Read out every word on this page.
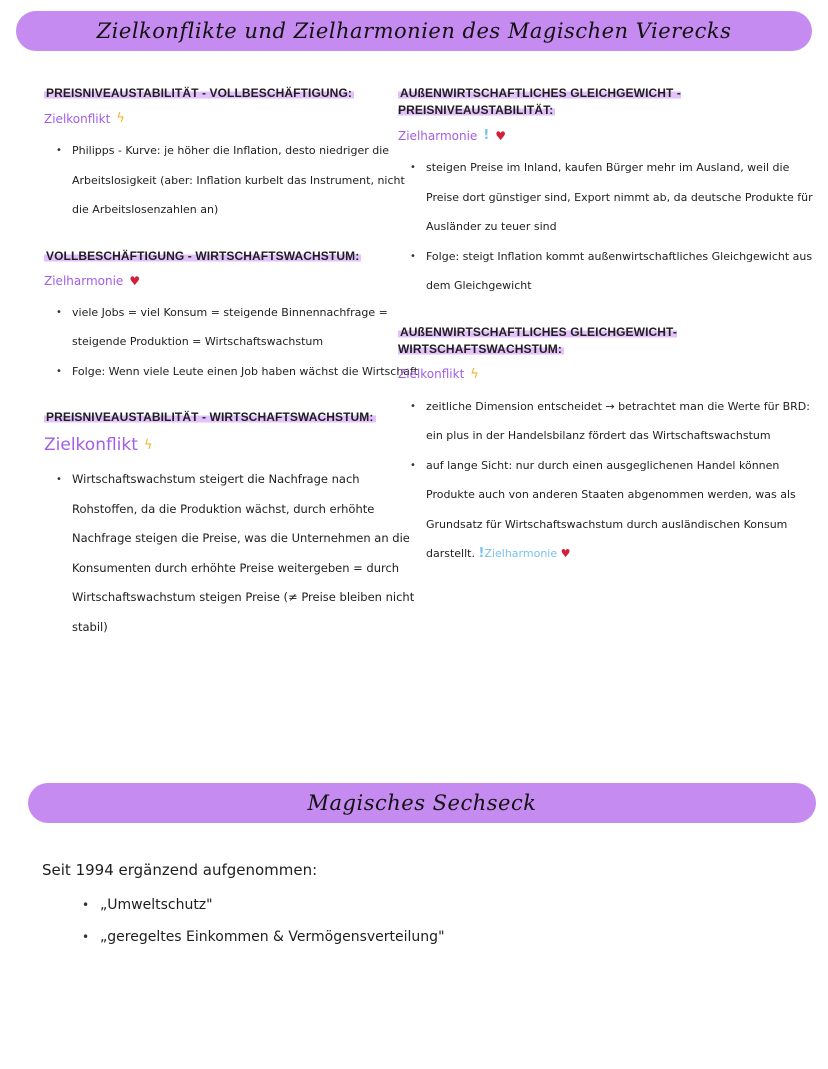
Zielkonflikte und Zielharmonien des Magischen Vierecks
PREISNIVEAUSTABILITÄT - VOLLBESCHÄFTIGUNG:
Zielkonflikt ϟ
• Philipps - Kurve: je höher die Inflation, desto niedriger die Arbeitslosigkeit (aber: Inflation kurbelt das Instrument, nicht die Arbeitslosenzahlen an)
VOLLBESCHÄFTIGUNG - WIRTSCHAFTSWACHSTUM:
Zielharmonie ♥
• viele Jobs = viel Konsum = steigende Binnennachfrage = steigende Produktion = Wirtschaftswachstum
• Folge: Wenn viele Leute einen Job haben wächst die Wirtschaft
PREISNIVEAUSTABILITÄT - WIRTSCHAFTSWACHSTUM:
Zielkonflikt ϟ
• Wirtschaftswachstum steigert die Nachfrage nach Rohstoffen, da die Produktion wächst, durch erhöhte Nachfrage steigen die Preise, was die Unternehmen an die Konsumenten durch erhöhte Preise weitergeben = durch Wirtschaftswachstum steigen Preise (≠ Preise bleiben nicht stabil)
AUßENWIRTSCHAFTLICHES GLEICHGEWICHT - PREISNIVEAUSTABILITÄT:
Zielharmonie ! ♥
• steigen Preise im Inland, kaufen Bürger mehr im Ausland, weil die Preise dort günstiger sind, Export nimmt ab, da deutsche Produkte für Ausländer zu teuer sind
• Folge: steigt Inflation kommt außenwirtschaftliches Gleichgewicht aus dem Gleichgewicht
AUßENWIRTSCHAFTLICHES GLEICHGEWICHT- WIRTSCHAFTSWACHSTUM:
Zielkonflikt ϟ
• zeitliche Dimension entscheidet → betrachtet man die Werte für BRD: ein plus in der Handelsbilanz fördert das Wirtschaftswachstum
• auf lange Sicht: nur durch einen ausgeglichenen Handel können Produkte auch von anderen Staaten abgenommen werden, was als Grundsatz für Wirtschaftswachstum durch ausländischen Konsum darstellt. !Zielharmonie ♥
Magisches Sechseck
Seit 1994 ergänzend aufgenommen:
• „Umweltschutz"
• „geregeltes Einkommen & Vermögensverteilung"
